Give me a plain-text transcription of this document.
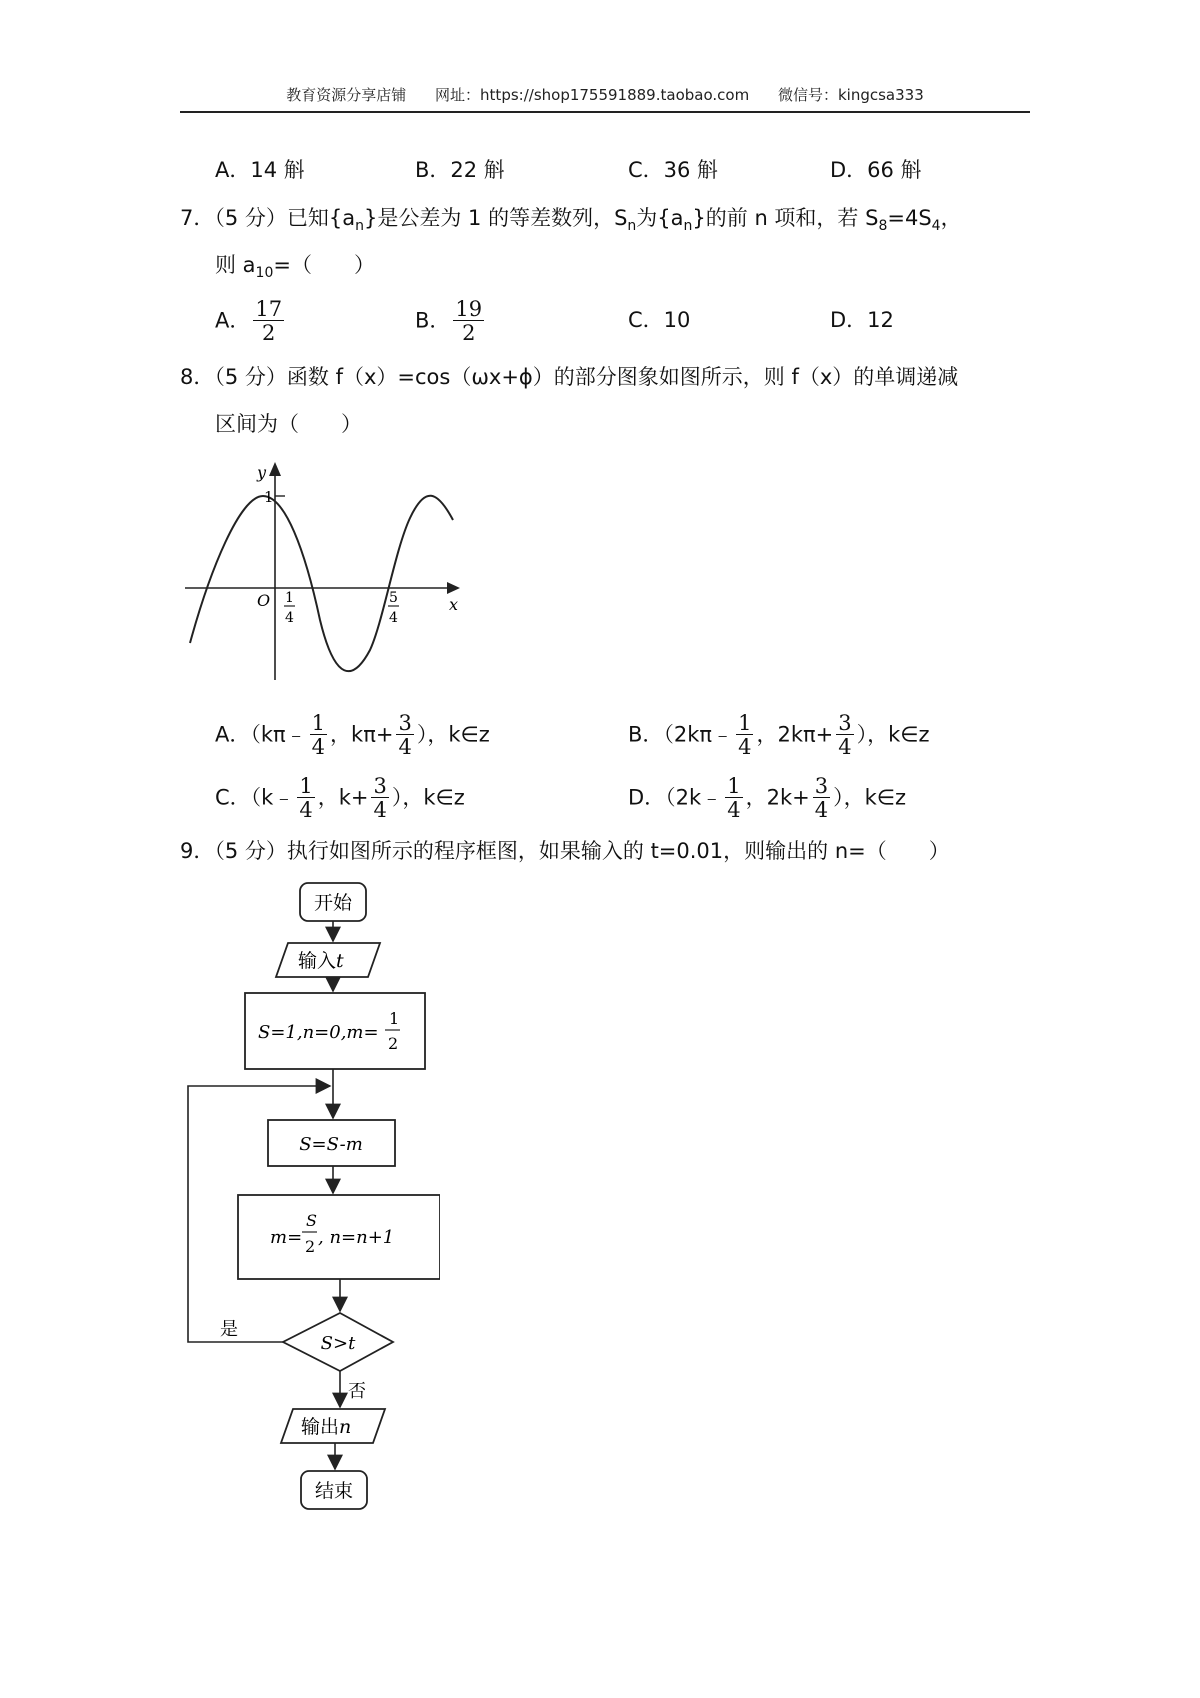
教育资源分享店铺 网址：https://shop175591889.taobao.com 微信号：kingcsa333
A．14 斛	B．22 斛	C．36 斛	D．66 斛
7．（5 分）已知$\{a_n\}$是公差为 1 的等差数列，$S_n$为$\{a_n\}$的前 n 项和，若 $S_8=4S_4$，
则 $a_{10}=$（　　）
A． $\frac{17}{2}$	B． $\frac{19}{2}$	C．10	D．12
8．（5 分）函数 f（x）=cos（ωx+ϕ）的部分图象如图所示，则 f（x）的单调递减
区间为（　　）
y
x
O
1
1
4
5
4
A．（kπ﹣ $\frac{1}{4}$ ，$k\pi+ \frac{3}{4}$ ），k∈z	B．（2kπ﹣ $\frac{1}{4}$ ，$2k\pi+ \frac{3}{4}$ ），k∈z
C．（k﹣ $\frac{1}{4}$ ，$k+ \frac{3}{4}$ ），k∈z	D．（2k﹣ $\frac{1}{4}$ ，$2k+ \frac{3}{4}$ ），k∈z
9．（5 分）执行如图所示的程序框图，如果输入的 t=0.01，则输出的 n=（　　）
开始
输入t
S=1,n=0,m=
1
2
S=S-m
m=
S
2 , n=n+1
S>t
是
否
输出n
结束
